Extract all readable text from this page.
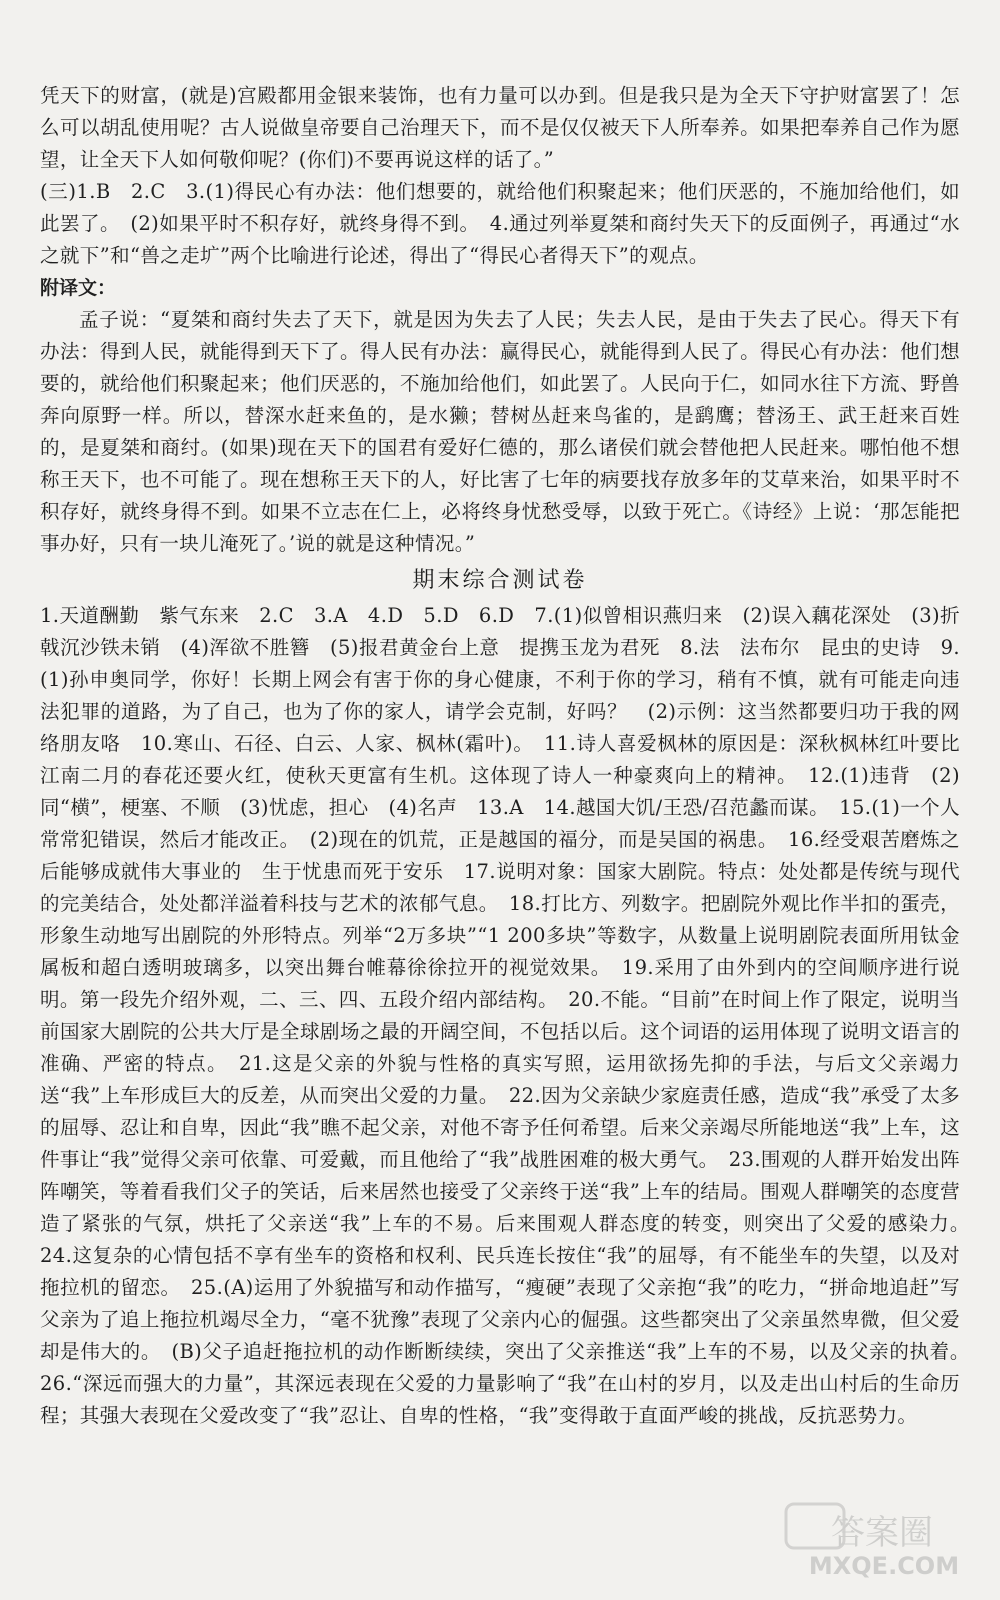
凭天下的财富，(就是)宫殿都用金银来装饰，也有力量可以办到。但是我只是为全天下守护财富罢了！怎么可以胡乱使用呢？古人说做皇帝要自己治理天下，而不是仅仅被天下人所奉养。如果把奉养自己作为愿望，让全天下人如何敬仰呢？(你们)不要再说这样的话了。”

(三)1.B　2.C　3.(1)得民心有办法：他们想要的，就给他们积聚起来；他们厌恶的，不施加给他们，如此罢了。　(2)如果平时不积存好，就终身得不到。　4.通过列举夏桀和商纣失天下的反面例子，再通过“水之就下”和“兽之走圹”两个比喻进行论述，得出了“得民心者得天下”的观点。

附译文：

孟子说：“夏桀和商纣失去了天下，就是因为失去了人民；失去人民，是由于失去了民心。得天下有办法：得到人民，就能得到天下了。得人民有办法：赢得民心，就能得到人民了。得民心有办法：他们想要的，就给他们积聚起来；他们厌恶的，不施加给他们，如此罢了。人民向于仁，如同水往下方流、野兽奔向原野一样。所以，替深水赶来鱼的，是水獭；替树丛赶来鸟雀的，是鹞鹰；替汤王、武王赶来百姓的，是夏桀和商纣。(如果)现在天下的国君有爱好仁德的，那么诸侯们就会替他把人民赶来。哪怕他不想称王天下，也不可能了。现在想称王天下的人，好比害了七年的病要找存放多年的艾草来治，如果平时不积存好，就终身得不到。如果不立志在仁上，必将终身忧愁受辱，以致于死亡。《诗经》上说：‘那怎能把事办好，只有一块儿淹死了。’说的就是这种情况。”

期末综合测试卷

1.天道酬勤　紫气东来　2.C　3.A　4.D　5.D　6.D　7.(1)似曾相识燕归来　(2)误入藕花深处　(3)折戟沉沙铁未销　(4)浑欲不胜簪　(5)报君黄金台上意　提携玉龙为君死　8.法　法布尔　昆虫的史诗　9.(1)孙申奥同学，你好！长期上网会有害于你的身心健康，不利于你的学习，稍有不慎，就有可能走向违法犯罪的道路，为了自己，也为了你的家人，请学会克制，好吗？　(2)示例：这当然都要归功于我的网络朋友咯　10.寒山、石径、白云、人家、枫林(霜叶)。　11.诗人喜爱枫林的原因是：深秋枫林红叶要比江南二月的春花还要火红，使秋天更富有生机。这体现了诗人一种豪爽向上的精神。　12.(1)违背　(2)同“横”，梗塞、不顺　(3)忧虑，担心　(4)名声　13.A　14.越国大饥/王恐/召范蠡而谋。　15.(1)一个人常常犯错误，然后才能改正。　(2)现在的饥荒，正是越国的福分，而是吴国的祸患。　16.经受艰苦磨炼之后能够成就伟大事业的　生于忧患而死于安乐　17.说明对象：国家大剧院。特点：处处都是传统与现代的完美结合，处处都洋溢着科技与艺术的浓郁气息。　18.打比方、列数字。把剧院外观比作半扣的蛋壳，形象生动地写出剧院的外形特点。列举“2万多块”“1 200多块”等数字，从数量上说明剧院表面所用钛金属板和超白透明玻璃多，以突出舞台帷幕徐徐拉开的视觉效果。　19.采用了由外到内的空间顺序进行说明。第一段先介绍外观，二、三、四、五段介绍内部结构。　20.不能。“目前”在时间上作了限定，说明当前国家大剧院的公共大厅是全球剧场之最的开阔空间，不包括以后。这个词语的运用体现了说明文语言的准确、严密的特点。　21.这是父亲的外貌与性格的真实写照，运用欲扬先抑的手法，与后文父亲竭力送“我”上车形成巨大的反差，从而突出父爱的力量。　22.因为父亲缺少家庭责任感，造成“我”承受了太多的屈辱、忍让和自卑，因此“我”瞧不起父亲，对他不寄予任何希望。后来父亲竭尽所能地送“我”上车，这件事让“我”觉得父亲可依靠、可爱戴，而且他给了“我”战胜困难的极大勇气。　23.围观的人群开始发出阵阵嘲笑，等着看我们父子的笑话，后来居然也接受了父亲终于送“我”上车的结局。围观人群嘲笑的态度营造了紧张的气氛，烘托了父亲送“我”上车的不易。后来围观人群态度的转变，则突出了父爱的感染力。　24.这复杂的心情包括不享有坐车的资格和权利、民兵连长按住“我”的屈辱，有不能坐车的失望，以及对拖拉机的留恋。　25.(A)运用了外貌描写和动作描写，“瘦硬”表现了父亲抱“我”的吃力，“拼命地追赶”写父亲为了追上拖拉机竭尽全力，“毫不犹豫”表现了父亲内心的倔强。这些都突出了父亲虽然卑微，但父爱却是伟大的。　(B)父子追赶拖拉机的动作断断续续，突出了父亲推送“我”上车的不易，以及父亲的执着。　26.“深远而强大的力量”，其深远表现在父爱的力量影响了“我”在山村的岁月，以及走出山村后的生命历程；其强大表现在父爱改变了“我”忍让、自卑的性格，“我”变得敢于直面严峻的挑战，反抗恶势力。

答案圈
MXQE.COM
